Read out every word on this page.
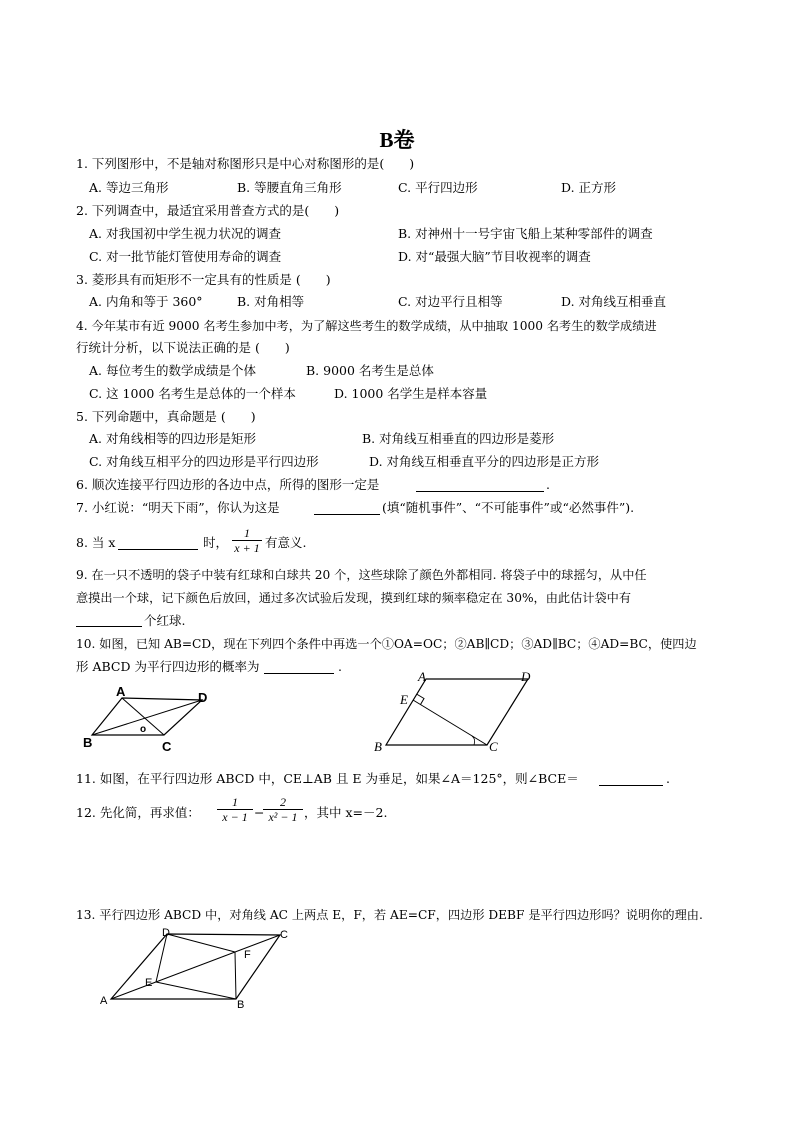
B卷
1. 下列图形中，不是轴对称图形只是中心对称图形的是(　　)
A. 等边三角形	B. 等腰直角三角形	C. 平行四边形	D. 正方形
2. 下列调查中，最适宜采用普查方式的是(　　)
A. 对我国初中学生视力状况的调查	B. 对神州十一号宇宙飞船上某种零部件的调查
C. 对一批节能灯管使用寿命的调查	D. 对“最强大脑”节目收视率的调查
3. 菱形具有而矩形不一定具有的性质是 (　　)
A. 内角和等于 360°	B. 对角相等	C. 对边平行且相等	D. 对角线互相垂直
4. 今年某市有近 9000 名考生参加中考，为了解这些考生的数学成绩，从中抽取 1000 名考生的数学成绩进
行统计分析，以下说法正确的是 (　　)
A. 每位考生的数学成绩是个体	B. 9000 名考生是总体
C. 这 1000 名考生是总体的一个样本	D. 1000 名学生是样本容量
5. 下列命题中，真命题是 (　　)
A. 对角线相等的四边形是矩形	B. 对角线互相垂直的四边形是菱形
C. 对角线互相平分的四边形是平行四边形	D. 对角线互相垂直平分的四边形是正方形
6. 顺次连接平行四边形的各边中点，所得的图形一定是	.
7. 小红说：“明天下雨”，你认为这是	(填“随机事件”、“不可能事件”或“必然事件”).
8. 当 x	时， $\frac{1}{x + 1}$ 有意义.
9. 在一只不透明的袋子中装有红球和白球共 20 个，这些球除了颜色外都相同. 将袋子中的球摇匀，从中任
意摸出一个球，记下颜色后放回，通过多次试验后发现，摸到红球的频率稳定在 30%，由此估计袋中有
个红球.
10. 如图，已知 AB=CD，现在下列四个条件中再选一个①OA=OC；②AB∥CD；③AD∥BC；④AD=BC，使四边
形 ABCD 为平行四边形的概率为	.
A	D
B	C
o
A	D
E
B	C
11. 如图，在平行四边形 ABCD 中，CE⊥AB 且 E 为垂足，如果∠A＝125°，则∠BCE＝	.
12. 先化简，再求值： $\frac{1}{x - 1}$ −
$\frac{2}{\text{x² − 1}}$ ，其中 x=－2.
13. 平行四边形 ABCD 中，对角线 AC 上两点 E，F，若 AE=CF，四边形 DEBF 是平行四边形吗？说明你的理由.
D	C
A	B
E
F
